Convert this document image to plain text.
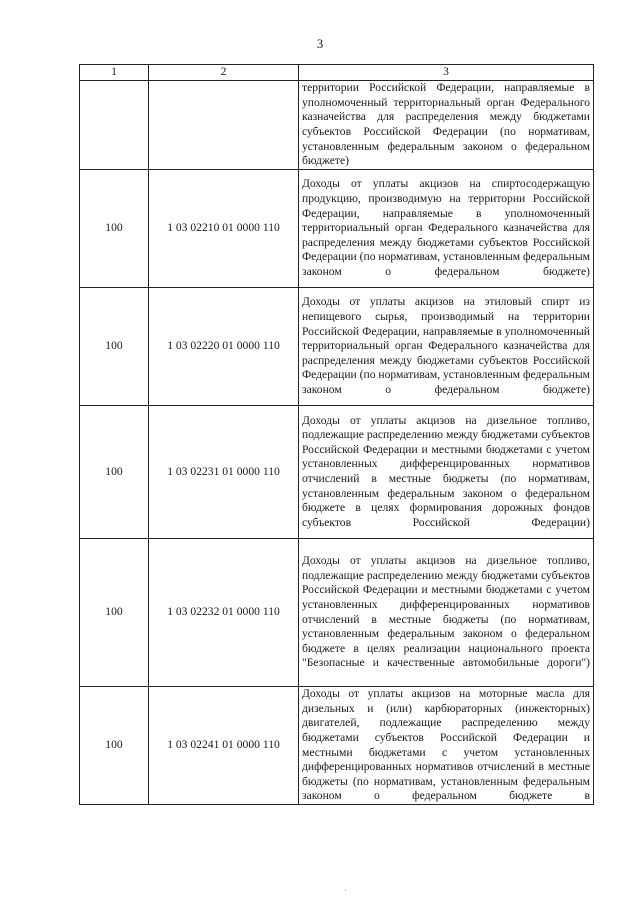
3
1	2	3
		территории Российской Федерации, направляемые в уполномоченный территориальный орган Федерального казначейства для распределения между бюджетами субъектов Российской Федерации (по нормативам, установленным федеральным законом о федеральном бюджете)
100	1 03 02210 01 0000 110	Доходы от уплаты акцизов на спиртосодержащую продукцию, производимую на территории Российской Федерации, направляемые в уполномоченный территориальный орган Федерального казначейства для распределения между бюджетами субъектов Российской Федерации (по нормативам, установленным федеральным законом о федеральном бюджете)
100	1 03 02220 01 0000 110	Доходы от уплаты акцизов на этиловый спирт из непищевого сырья, производимый на территории Российской Федерации, направляемые в уполномоченный территориальный орган Федерального казначейства для распределения между бюджетами субъектов Российской Федерации (по нормативам, установленным федеральным законом о федеральном бюджете)
100	1 03 02231 01 0000 110	Доходы от уплаты акцизов на дизельное топливо, подлежащие распределению между бюджетами субъектов Российской Федерации и местными бюджетами с учетом установленных дифференцированных нормативов отчислений в местные бюджеты (по нормативам, установленным федеральным законом о федеральном бюджете в целях формирования дорожных фондов субъектов Российской Федерации)
100	1 03 02232 01 0000 110	Доходы от уплаты акцизов на дизельное топливо, подлежащие распределению между бюджетами субъектов Российской Федерации и местными бюджетами с учетом установленных дифференцированных нормативов отчислений в местные бюджеты (по нормативам, установленным федеральным законом о федеральном бюджете в целях реализации национального проекта "Безопасные и качественные автомобильные дороги")
100	1 03 02241 01 0000 110	Доходы от уплаты акцизов на моторные масла для дизельных и (или) карбюраторных (инжекторных) двигателей, подлежащие распределению между бюджетами субъектов Российской Федерации и местными бюджетами с учетом установленных дифференцированных нормативов отчислений в местные бюджеты (по нормативам, установленным федеральным законом о федеральном бюджете в
·
